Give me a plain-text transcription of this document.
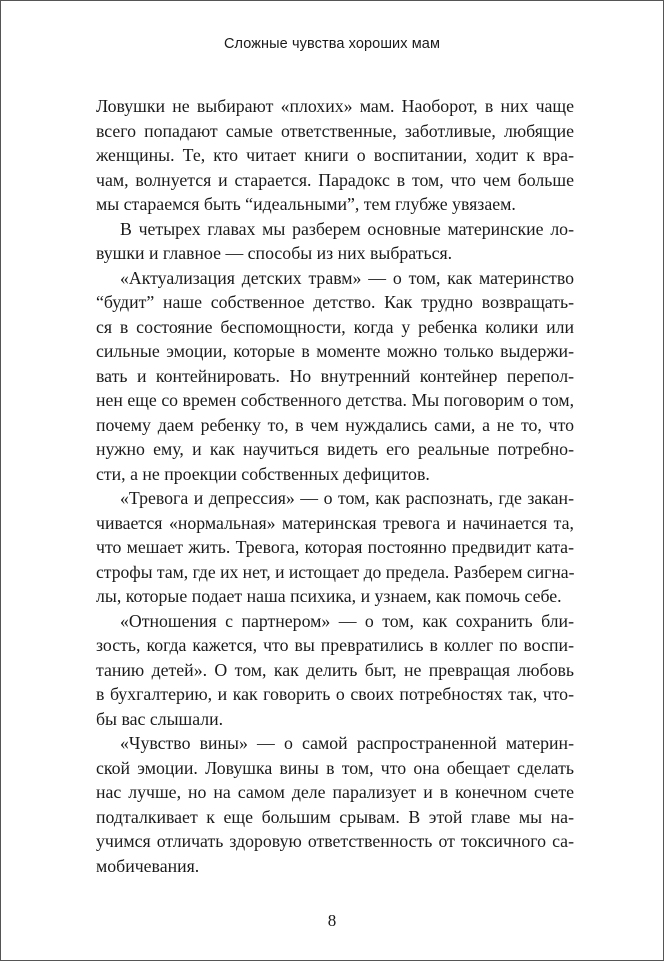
Сложные чувства хороших мам
Ловушки не выбирают «плохих» мам. Наоборот, в них чаще
всего попадают самые ответственные, заботливые, любящие
женщины. Те, кто читает книги о воспитании, ходит к вра-
чам, волнуется и старается. Парадокс в том, что чем больше
мы стараемся быть “идеальными”, тем глубже увязаем.
В четырех главах мы разберем основные материнские ло-
вушки и главное — способы из них выбраться.
«Актуализация детских травм» — о том, как материнство
“будит” наше собственное детство. Как трудно возвращать-
ся в состояние беспомощности, когда у ребенка колики или
сильные эмоции, которые в моменте можно только выдержи-
вать и контейнировать. Но внутренний контейнер перепол-
нен еще со времен собственного детства. Мы поговорим о том,
почему даем ребенку то, в чем нуждались сами, а не то, что
нужно ему, и как научиться видеть его реальные потребно-
сти, а не проекции собственных дефицитов.
«Тревога и депрессия» — о том, как распознать, где закан-
чивается «нормальная» материнская тревога и начинается та,
что мешает жить. Тревога, которая постоянно предвидит ката-
строфы там, где их нет, и истощает до предела. Разберем сигна-
лы, которые подает наша психика, и узнаем, как помочь себе.
«Отношения с партнером» — о том, как сохранить бли-
зость, когда кажется, что вы превратились в коллег по воспи-
танию детей». О том, как делить быт, не превращая любовь
в бухгалтерию, и как говорить о своих потребностях так, что-
бы вас слышали.
«Чувство вины» — о самой распространенной материн-
ской эмоции. Ловушка вины в том, что она обещает сделать
нас лучше, но на самом деле парализует и в конечном счете
подталкивает к еще большим срывам. В этой главе мы на-
учимся отличать здоровую ответственность от токсичного са-
мобичевания.
8
